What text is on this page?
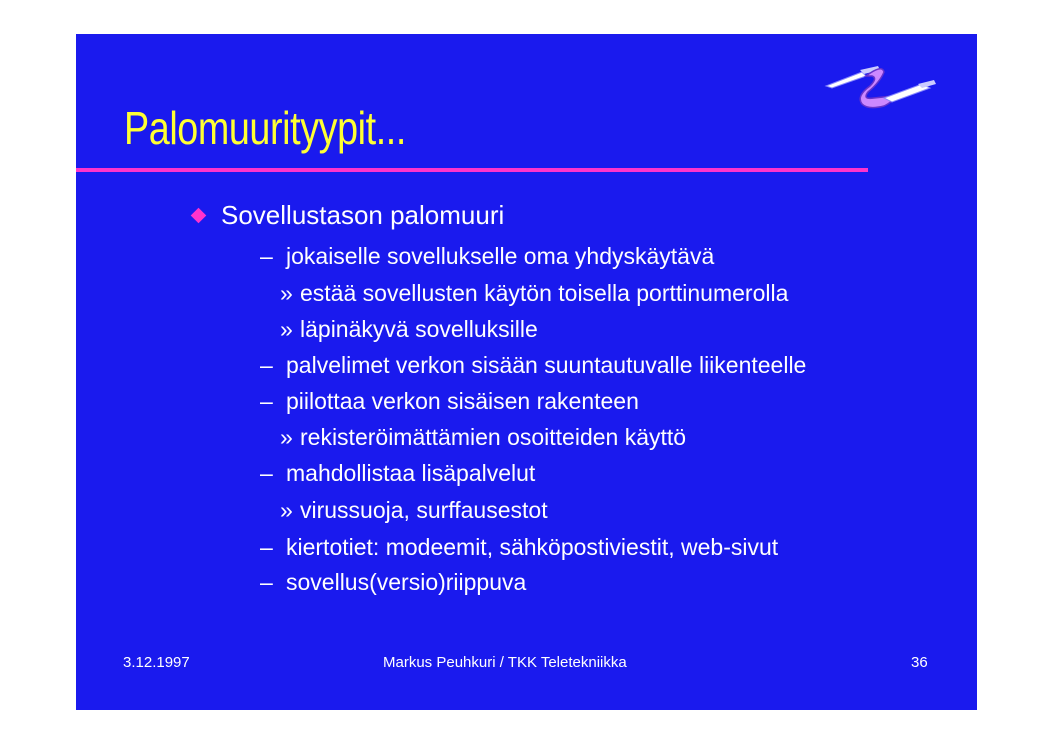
Palomuurityypit...
Sovellustason palomuuri
– jokaiselle sovellukselle oma yhdyskäytävä
» estää sovellusten käytön toisella porttinumerolla
» läpinäkyvä sovelluksille
– palvelimet verkon sisään suuntautuvalle liikenteelle
– piilottaa verkon sisäisen rakenteen
» rekisteröimättämien osoitteiden käyttö
– mahdollistaa lisäpalvelut
» virussuoja, surffausestot
– kiertotiet: modeemit, sähköpostiviestit, web-sivut
– sovellus(versio)riippuva
3.12.1997	Markus Peuhkuri / TKK Teletekniikka	36
